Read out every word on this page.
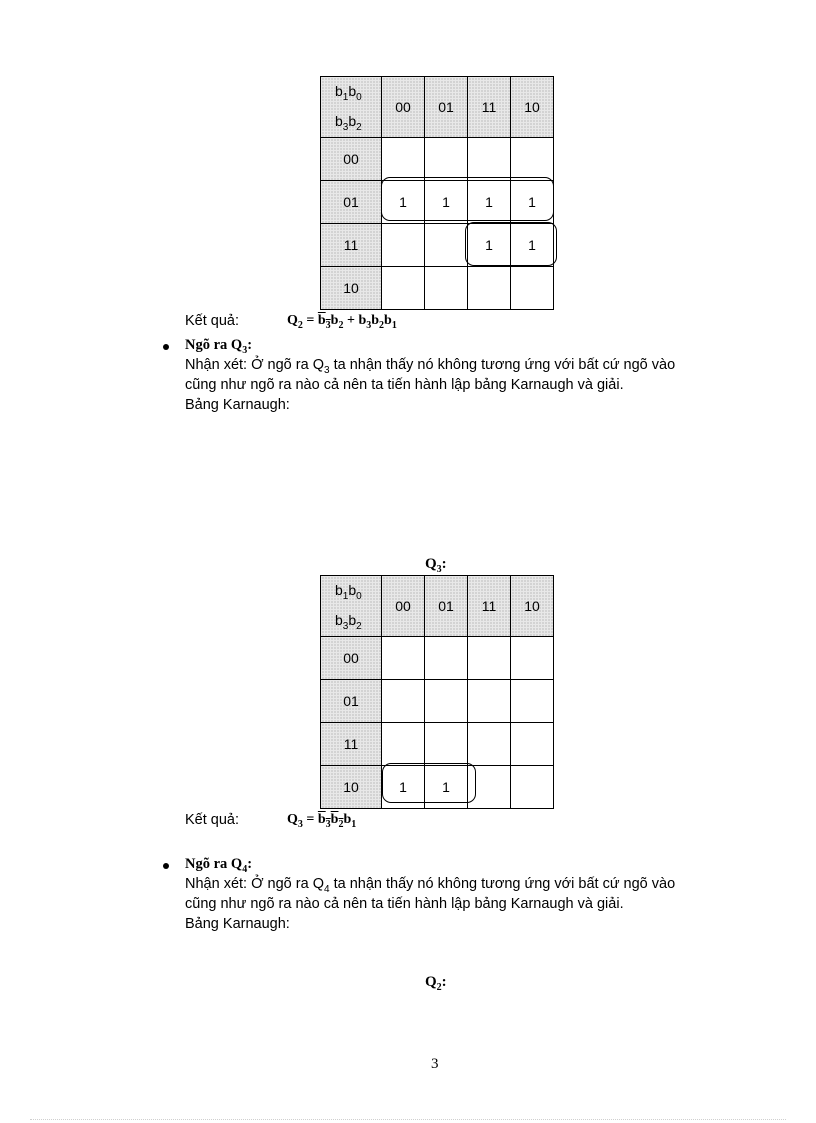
$b_1b_0$
$b_3b_2$	00	01	11	10
00				
01	1	1	1	1
11			1	1
10				
Kết quả:	$Q_2 = b_3b_2 + b_3b_2b_1$
Ngõ ra $Q_3$:
Nhận xét: Ở ngõ ra $Q_3$ ta nhận thấy nó không tương ứng với bất cứ ngõ vào
cũng như ngõ ra nào cả nên ta tiến hành lập bảng Karnaugh và giải.
Bảng Karnaugh:
$Q_3$:
$b_1b_0$
$b_3b_2$	00	01	11	10
00				
01				
11				
10	1	1		
Kết quả:	$Q_3 = b_3b_2b_1$
Ngõ ra $Q_4$:
Nhận xét: Ở ngõ ra $Q_4$ ta nhận thấy nó không tương ứng với bất cứ ngõ vào
cũng như ngõ ra nào cả nên ta tiến hành lập bảng Karnaugh và giải.
Bảng Karnaugh:
$Q_2$:
3
